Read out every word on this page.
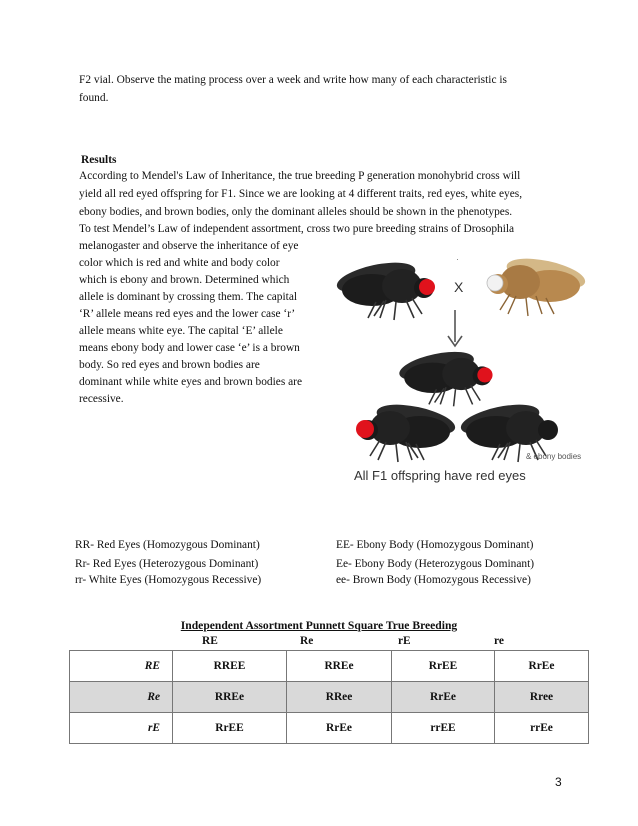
F2 vial. Observe the mating process over a week and write how many of each characteristic is
found.
Results
According to Mendel's Law of Inheritance, the true breeding P generation monohybrid cross will
yield all red eyed offspring for F1. Since we are looking at 4 different traits, red eyes, white eyes,
ebony bodies, and brown bodies, only the dominant alleles should be shown in the phenotypes.
To test Mendel’s Law of independent assortment, cross two pure breeding strains of Drosophila
melanogaster and observe the inheritance of eye
color which is red and white and body color
which is ebony and brown. Determined which
allele is dominant by crossing them. The capital
‘R’ allele means red eyes and the lower case ‘r’
allele means white eye. The capital ‘E’ allele
means ebony body and lower case ‘e’ is a brown
body. So red eyes and brown bodies are
dominant while white eyes and brown bodies are
recessive.
X
·
& ebony bodies
All F1 offspring have red eyes
RR- Red Eyes (Homozygous Dominant)
Rr- Red Eyes (Heterozygous Dominant)
rr- White Eyes (Homozygous Recessive)
EE- Ebony Body (Homozygous Dominant)
Ee- Ebony Body (Heterozygous Dominant)
ee- Brown Body (Homozygous Recessive)
Independent Assortment Punnett Square True Breeding
RE	Re	rE	re
RE	RREE	RREe	RrEE	RrEe
Re	RREe	RRee	RrEe	Rree
rE	RrEE	RrEe	rrEE	rrEe
3
